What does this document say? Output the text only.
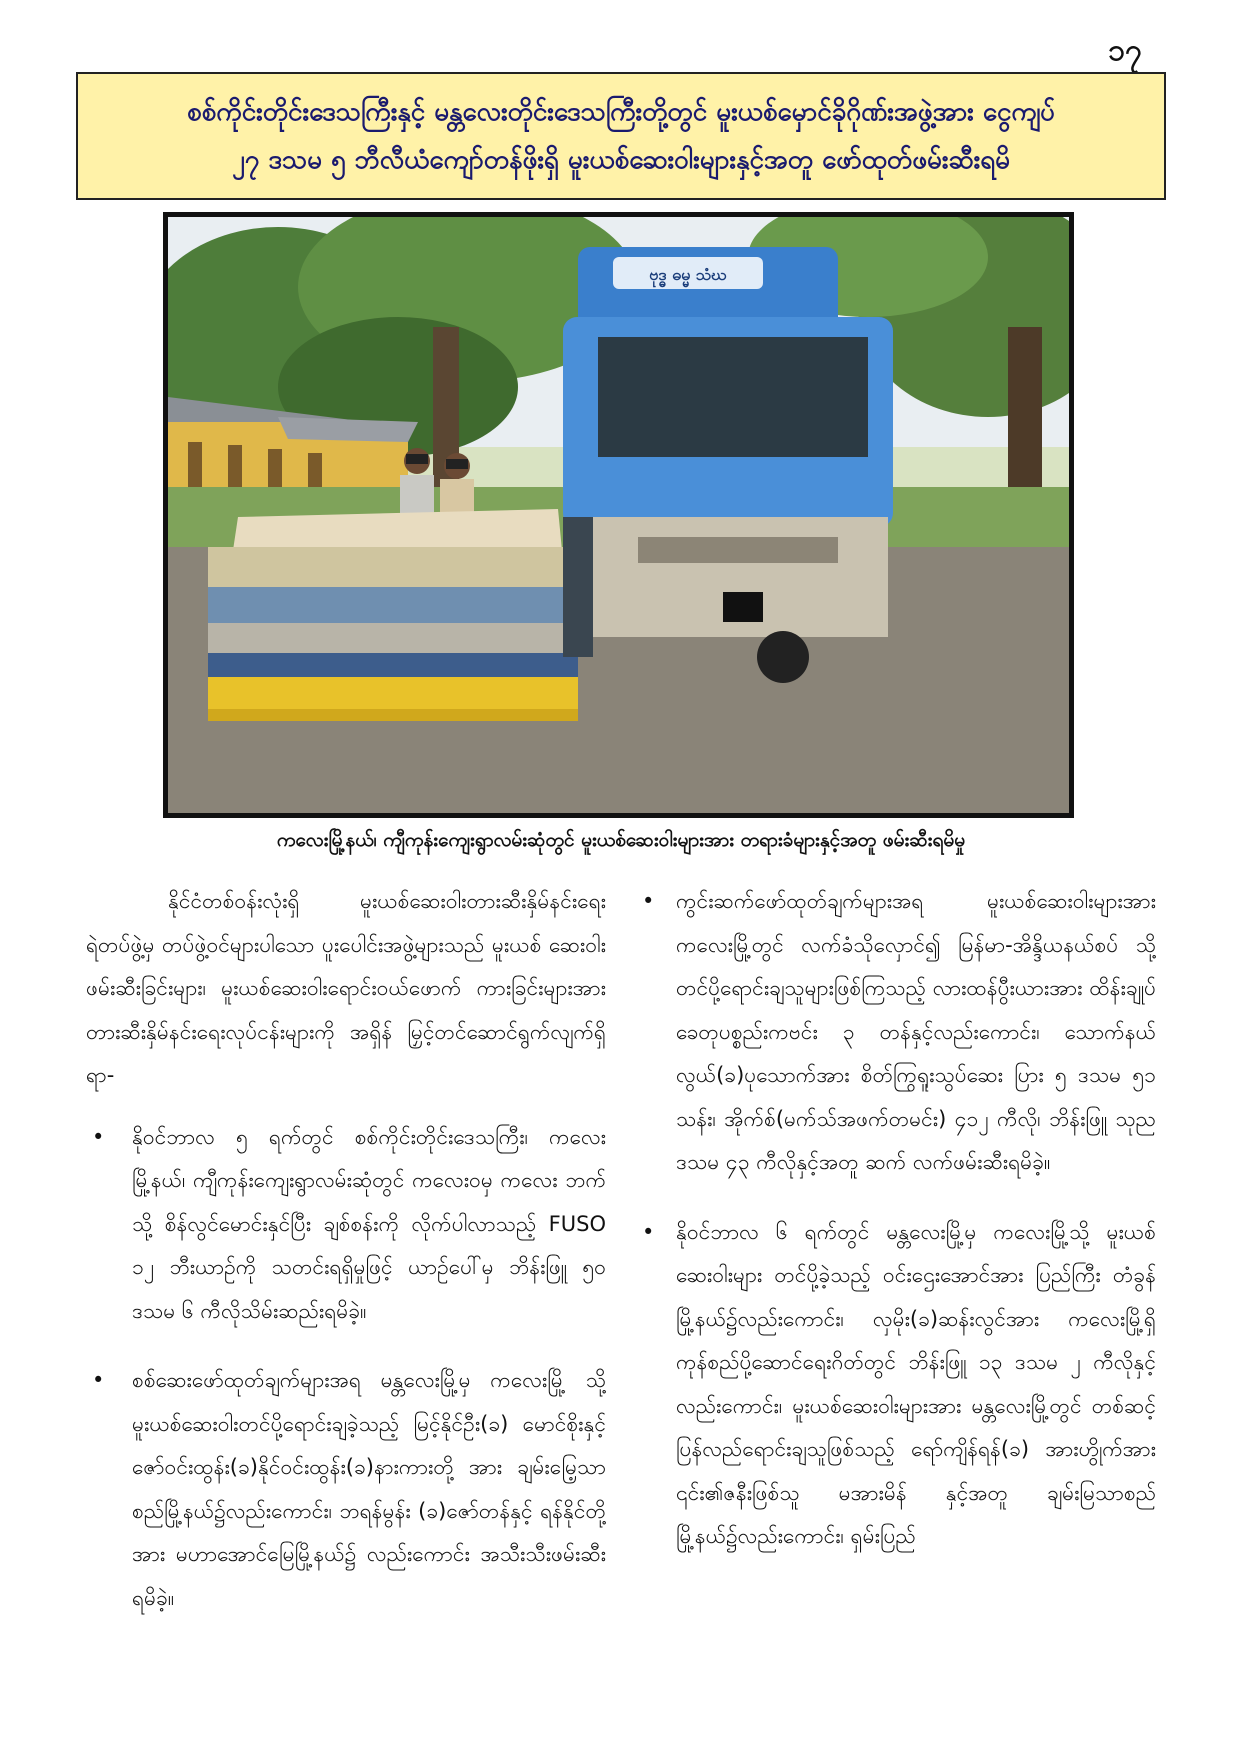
၁၇
စစ်ကိုင်းတိုင်းဒေသကြီးနှင့် မန္တလေးတိုင်းဒေသကြီးတို့တွင် မူးယစ်မှောင်ခိုဂိုဏ်းအဖွဲ့အား ငွေကျပ်
၂၇ ဒသမ ၅ ဘီလီယံကျော်တန်ဖိုးရှိ မူးယစ်ဆေးဝါးများနှင့်အတူ ဖော်ထုတ်ဖမ်းဆီးရမိ
ဗုဒ္ဓ ဓမ္မ သံဃ
ကလေးမြို့နယ်၊ ကျီကုန်းကျေးရွာလမ်းဆုံတွင် မူးယစ်ဆေးဝါးများအား တရားခံများနှင့်အတူ ဖမ်းဆီးရမိမှု

နိုင်ငံတစ်ဝန်းလုံးရှိ မူးယစ်ဆေးဝါးတားဆီးနှိမ်နင်းရေး ရဲတပ်ဖွဲ့မှ တပ်ဖွဲ့ဝင်များပါသော ပူးပေါင်းအဖွဲ့များသည် မူးယစ် ဆေးဝါးဖမ်းဆီးခြင်းများ၊ မူးယစ်ဆေးဝါးရောင်းဝယ်ဖောက် ကားခြင်းများအား တားဆီးနှိမ်နင်းရေးလုပ်ငန်းများကို အရှိန် မြှင့်တင်ဆောင်ရွက်လျက်ရှိရာ-

• နိုဝင်ဘာလ ၅ ရက်တွင် စစ်ကိုင်းတိုင်းဒေသကြီး၊ ကလေး မြို့နယ်၊ ကျီကုန်းကျေးရွာလမ်းဆုံတွင် ကလေးဝမှ ကလေး ဘက်သို့ စိန်လွင်မောင်းနှင်ပြီး ချစ်စန်းကို လိုက်ပါလာသည့် FUSO ၁၂ ဘီးယာဉ်ကို သတင်းရရှိမှုဖြင့် ယာဉ်ပေါ်မှ ဘိန်းဖြူ ၅၀ ဒသမ ၆ ကီလိုသိမ်းဆည်းရမိခဲ့။
• စစ်ဆေးဖော်ထုတ်ချက်များအရ မန္တလေးမြို့မှ ကလေးမြို့ သို့ မူးယစ်ဆေးဝါးတင်ပို့ရောင်းချခဲ့သည့် မြင့်နိုင်ဦး(ခ) မောင်စိုးနှင့် ဇော်ဝင်းထွန်း(ခ)နိုင်ဝင်းထွန်း(ခ)နားကားတို့ အား ချမ်းမြေ့သာစည်မြို့နယ်၌လည်းကောင်း၊ ဘရန်မွန်း (ခ)ဇော်တန်နှင့် ရန်နိုင်တို့အား မဟာအောင်မြေမြို့နယ်၌ လည်းကောင်း အသီးသီးဖမ်းဆီးရမိခဲ့။
• ကွင်းဆက်ဖော်ထုတ်ချက်များအရ မူးယစ်ဆေးဝါးများအား ကလေးမြို့တွင် လက်ခံသိုလှောင်၍ မြန်မာ-အိန္ဒိယနယ်စပ် သို့ တင်ပို့ရောင်းချသူများဖြစ်ကြသည့် လားထန်ပွီးယားအား ထိန်းချုပ်ခေတုပစ္စည်းကဗင်း ၃ တန်နှင့်လည်းကောင်း၊ သောက်နယ်လွယ်(ခ)ပုသောက်အား စိတ်ကြွရူးသွပ်ဆေး ပြား ၅ ဒသမ ၅၁ သန်း၊ အိုက်စ်(မက်သ်အဖက်တမင်း) ၄၁၂ ကီလို၊ ဘိန်းဖြူ သုည ဒသမ ၄၃ ကီလိုနှင့်အတူ ဆက် လက်ဖမ်းဆီးရမိခဲ့။
• နိုဝင်ဘာလ ၆ ရက်တွင် မန္တလေးမြို့မှ ကလေးမြို့သို့ မူးယစ် ဆေးဝါးများ တင်ပို့ခဲ့သည့် ဝင်းဌေးအောင်အား ပြည်ကြီး တံခွန်မြို့နယ်၌လည်းကောင်း၊ လှမိုး(ခ)ဆန်းလွင်အား ကလေးမြို့ရှိ ကုန်စည်ပို့ဆောင်ရေးဂိတ်တွင် ဘိန်းဖြူ ၁၃ ဒသမ ၂ ကီလိုနှင့်လည်းကောင်း၊ မူးယစ်ဆေးဝါးများအား မန္တလေးမြို့တွင် တစ်ဆင့်ပြန်လည်ရောင်းချသူဖြစ်သည့် ရော်ကျိန်ရန်(ခ) အားဟွိုက်အား ၎င်း၏ဇနီးဖြစ်သူ မအားမိန် နှင့်အတူ ချမ်းမြသာစည်မြို့နယ်၌လည်းကောင်း၊ ရှမ်းပြည်
